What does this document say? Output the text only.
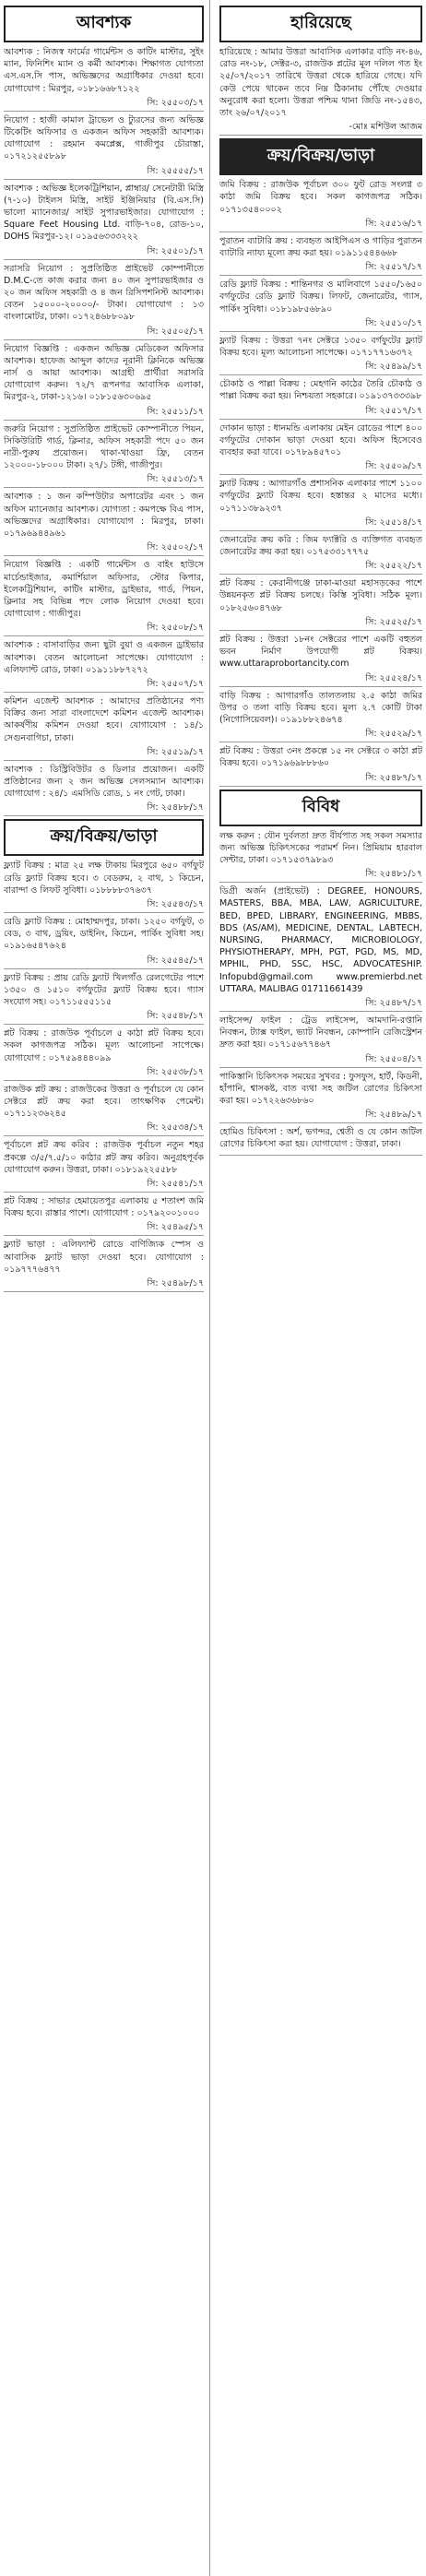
আবশ্যক

আবশ্যক : নিজস্ব ফার্মের গার্মেন্টস ও কাটিং মাস্টার, সুইং ম্যান, ফিনিশিং ম্যান ও কর্মী আবশ্যক। শিক্ষাগত যোগ্যতা এস.এস.সি পাস, অভিজ্ঞদের অগ্রাধিকার দেওয়া হবে। যোগাযোগ : মিরপুর, ০১৮১৬৬৮৭১২২

সি: ২৫৫০৩/১৭

নিয়োগ : হাজী কামাল ট্রাভেল ও ট্যুরসের জন্য অভিজ্ঞ টিকেটিং অফিসার ও একজন অফিস সহকারী আবশ্যক। যোগাযোগ : রহমান কমপ্লেক্স, গাজীপুর চৌরাস্তা, ০১৭২১২৫৫৮৯৮

সি: ২৫৫৫৫/১৭

আবশ্যক : অভিজ্ঞ ইলেকট্রিশিয়ান, প্লাম্বার/ সেনেটারী মিস্ত্রি (৭-১০) টাইলস মিস্ত্রি, সাইট ইঞ্জিনিয়ার (বি.এস.সি) ভালো ম্যানেজার/ সাইট সুপারভাইজার। যোগাযোগ : Square Feet Housing Ltd. বাড়ি-৭০৪, রোড-১০, DOHS মিরপুর-১২। ০১৯৫৬৩৩৩২২২

সি: ২৫৫০১/১৭

সরাসরি নিয়োগ : সুপ্রতিষ্ঠিত প্রাইভেট কোম্পানীতে D.M.C-তে কাজ করার জন্য ৪০ জন সুপারভাইজার ও ২০ জন অফিস সহকারী ও ৪ জন রিসিপশনিস্ট আবশ্যক। বেতন ১৫০০০-২০০০০/- টাকা। যোগাযোগ : ১৩ বাংলামোটর, ঢাকা। ০১৭২৪৬৮৮০৯৮

সি: ২৫৫০৫/১৭

নিয়োগ বিজ্ঞপ্তি : একজন অভিজ্ঞ মেডিকেল অফিসার আবশ্যক। হাফেজ আব্দুল কাদের নূরানী ক্লিনিকে অভিজ্ঞ নার্স ও আয়া আবশ্যক। আগ্রহী প্রার্থীরা সরাসরি যোগাযোগ করুন। ৭২/৭ রূপনগর আবাসিক এলাকা, মিরপুর-২, ঢাকা-১২১৬। ০১৮১৫৬৩০৬৯৫

সি: ২৫৫১১/১৭

জরুরি নিয়োগ : সুপ্রতিষ্ঠিত প্রাইভেট কোম্পানীতে পিয়ন, সিকিউরিটি গার্ড, ক্লিনার, অফিস সহকারী পদে ৫০ জন নারী-পুরুষ প্রয়োজন। থাকা-খাওয়া ফ্রি, বেতন ১২০০০-১৮০০০ টাকা। ২৭/১ টঙ্গী, গাজীপুর।

সি: ২৫৫১৩/১৭

আবশ্যক : ১ জন কম্পিউটার অপারেটর এবং ১ জন অফিস ম্যানেজার আবশ্যক। যোগ্যতা : কমপক্ষে বিএ পাস, অভিজ্ঞদের অগ্রাধিকার। যোগাযোগ : মিরপুর, ঢাকা। ০১৭৯৬৯৪৪৯৬১

সি: ২৫৫০২/১৭

নিয়োগ বিজ্ঞপ্তি : একটি গার্মেন্টস ও বাইং হাউসে মার্চেন্ডাইজার, কমার্শিয়াল অফিসার, স্টোর কিপার, ইলেকট্রিশিয়ান, কাটিং মাস্টার, ড্রাইভার, গার্ড, পিয়ন, ক্লিনার সহ বিভিন্ন পদে লোক নিয়োগ দেওয়া হবে। যোগাযোগ : গাজীপুর।

সি: ২৫৫০৮/১৭

আবশ্যক : বাসাবাড়ির জন্য ছুটা বুয়া ও একজন ড্রাইভার আবশ্যক। বেতন আলোচনা সাপেক্ষে। যোগাযোগ : এলিফ্যান্ট রোড, ঢাকা। ০১৯১১৮৮৭২৭২

সি: ২৫৫০৭/১৭

কমিশন এজেন্ট আবশ্যক : আমাদের প্রতিষ্ঠানের পণ্য বিক্রির জন্য সারা বাংলাদেশে কমিশন এজেন্ট আবশ্যক। আকর্ষণীয় কমিশন দেওয়া হবে। যোগাযোগ : ১৪/১ সেগুনবাগিচা, ঢাকা।

সি: ২৫৫১৯/১৭

আবশ্যক : ডিস্ট্রিবিউটর ও ডিলার প্রয়োজন। একটি প্রতিষ্ঠানের জন্য ২ জন অভিজ্ঞ সেলসম্যান আবশ্যক। যোগাযোগ : ২৪/১ এমসিডি রোড, ১ নং গেট, ঢাকা।

সি: ২৫৪৮৮/১৭
ক্রয়/বিক্রয়/ভাড়া

ফ্ল্যাট বিক্রয় : মাত্র ২৫ লক্ষ টাকায় মিরপুরে ৬৫০ বর্গফুট রেডি ফ্ল্যাট বিক্রয় হবে। ৩ বেডরুম, ২ বাথ, ১ কিচেন, বারান্দা ও লিফট সুবিধা। ০১৮৮৮৮৩৭৬৩৭

সি: ২৫৫৪৩/১৭

রেডি ফ্ল্যাট বিক্রয় : মোহাম্মদপুর, ঢাকা। ১২৫০ বর্গফুট, ৩ বেড, ৩ বাথ, ড্রয়িং, ডাইনিং, কিচেন, পার্কিং সুবিধা সহ। ০১৯১৬৫৪৭৬২৪

সি: ২৫৫৪৫/১৭

ফ্ল্যাট বিক্রয় : প্রায় রেডি ফ্ল্যাট খিলগাঁও রেলগেটের পাশে ১৩৫০ ও ১৫১০ বর্গফুটের ফ্ল্যাট বিক্রয় হবে। গ্যাস সংযোগ সহ। ০১৭১১৫৫৫১১৫

সি: ২৫৫৪৮/১৭

প্লট বিক্রয় : রাজউক পূর্বাচলে ৫ কাঠা প্লট বিক্রয় হবে। সকল কাগজপত্র সঠিক। মূল্য আলোচনা সাপেক্ষে। যোগাযোগ : ০১৭৫৯৪৪৪০৯৯

সি: ২৫৫৩৮/১৭

রাজউক প্লট ক্রয় : রাজউকের উত্তরা ও পূর্বাচলে যে কোন সেক্টরে প্লট ক্রয় করা হবে। তাৎক্ষণিক পেমেন্ট। ০১৭১১২৩৬২৪৫

সি: ২৫৫৩৪/১৭

পূর্বাচলে প্লট ক্রয় করিব : রাজউক পূর্বাচল নতুন শহর প্রকল্পে ৩/৫/৭.৫/১০ কাঠার প্লট ক্রয় করিব। অনুগ্রহপূর্বক যোগাযোগ করুন। উত্তরা, ঢাকা। ০১৮১৯২২৫৫৮৮

সি: ২৫৫৪১/১৭

প্লট বিক্রয় : সাভার হেমায়েতপুর এলাকায় ৫ শতাংশ জমি বিক্রয় হবে। রাস্তার পাশে। যোগাযোগ : ০১৭৯২০০১০০০

সি: ২৫৪৯৫/১৭

ফ্ল্যাট ভাড়া : এলিফ্যান্ট রোডে বাণিজ্যিক স্পেস ও আবাসিক ফ্ল্যাট ভাড়া দেওয়া হবে। যোগাযোগ : ০১৯৭৭৭৬৪৭৭

সি: ২৫৪৯৮/১৭
হারিয়েছে

হারিয়েছে : আমার উত্তরা আবাসিক এলাকার বাড়ি নং-৪৬, রোড নং-১৮, সেক্টর-৩, রাজউক প্লটের মূল দলিল গত ইং ২৫/০৭/২০১৭ তারিখে উত্তরা থেকে হারিয়ে গেছে। যদি কেউ পেয়ে থাকেন তবে নিম্ন ঠিকানায় পৌঁছে দেওয়ার অনুরোধ করা হলো। উত্তরা পশ্চিম থানা জিডি নং-১৫৪৩, তাং ২৬/০৭/২০১৭

-মোঃ মশিউল আজম
ক্রয়/বিক্রয়/ভাড়া

জমি বিক্রয় : রাজউক পূর্বাচল ৩০০ ফুট রোড সংলগ্ন ৩ কাঠা জমি বিক্রয় হবে। সকল কাগজপত্র সঠিক। ০১৭১৩৫৪০০০২

সি: ২৫৫১৬/১৭

পুরাতন ব্যাটারি ক্রয় : ব্যবহৃত আইপিএস ও গাড়ির পুরাতন ব্যাটারি ন্যায্য মূল্যে ক্রয় করা হয়। ০১৯১১৫৪৪৬৬৮

সি: ২৫৫১৭/১৭

রেডি ফ্ল্যাট বিক্রয় : শান্তিনগর ও মালিবাগে ১৫৫০/১৬৫০ বর্গফুটের রেডি ফ্ল্যাট বিক্রয়। লিফট, জেনারেটর, গ্যাস, পার্কিং সুবিধা। ০১৮১৯৮৫৬৮৯০

সি: ২৫৫১০/১৭

ফ্ল্যাট বিক্রয় : উত্তরা ৭নং সেক্টরে ১৩৫০ বর্গফুটের ফ্ল্যাট বিক্রয় হবে। মূল্য আলোচনা সাপেক্ষে। ০১৭১৭৭১৬৩৭২

সি: ২৫৪৯৯/১৭

চৌকাঠ ও পাল্লা বিক্রয় : মেহগনি কাঠের তৈরি চৌকাঠ ও পাল্লা বিক্রয় করা হয়। নিশ্চয়তা সহকারে। ০১৯১৩৭৩৩৩৯৮

সি: ২৫৫১৭/১৭

দোকান ভাড়া : ধানমন্ডি এলাকায় মেইন রোডের পাশে ৪০০ বর্গফুটের দোকান ভাড়া দেওয়া হবে। অফিস হিসেবেও ব্যবহার করা যাবে। ০১৭৮৯৪৫৭০১

সি: ২৫৫০৯/১৭

ফ্ল্যাট বিক্রয় : আগারগাঁও প্রশাসনিক এলাকার পাশে ১১০০ বর্গফুটের ফ্ল্যাট বিক্রয় হবে। হস্তান্তর ২ মাসের মধ্যে। ০১৭১১৩৮৯২৩৭

সি: ২৫৫১৪/১৭

জেনারেটর ক্রয় করি : জিম ফ্যাক্টরি ও ব্যক্তিগত ব্যবহৃত জেনারেটর ক্রয় করা হয়। ০১৭৫৩৩১৭৭৭৫

সি: ২৫৫২২/১৭

প্লট বিক্রয় : কেরানীগঞ্জে ঢাকা-মাওয়া মহাসড়কের পাশে উন্নয়নকৃত প্লট বিক্রয় চলছে। কিস্তি সুবিধা। সঠিক মূল্য। ০১৮২৫৬০৪৭৬৮

সি: ২৫৫২৫/১৭

প্লট বিক্রয় : উত্তরা ১৮নং সেক্টরের পাশে একটি বহুতল ভবন নির্মাণ উপযোগী প্লট বিক্রয়। www.uttaraprobortancity.com

সি: ২৫৫২৪/১৭

বাড়ি বিক্রয় : আগারগাঁও তালতলায় ২.৫ কাঠা জমির উপর ৩ তলা বাড়ি বিক্রয় হবে। মূল্য ২.৭ কোটি টাকা (নিগোসিয়েবল)। ০১৯১৮৮২৪৬৭৪

সি: ২৫৫২৯/১৭

প্লট বিক্রয় : উত্তরা ৩নং প্রকল্পে ১৫ নং সেক্টরে ৩ কাঠা প্লট বিক্রয় হবে। ০১৭১৯৬৯৮৮৮৬০

সি: ২৫৪৮৭/১৭
বিবিধ

লক্ষ করুন : যৌন দুর্বলতা দ্রুত বীর্যপাত সহ সকল সমস্যার জন্য অভিজ্ঞ চিকিৎসকের পরামর্শ নিন। প্রিমিয়াম হারবাল সেন্টার, ঢাকা। ০১৭১৫৩৭৯৮৯৩

সি: ২৫৪৮১/১৭

ডিগ্রী অর্জন (প্রাইভেট) : DEGREE, HONOURS, MASTERS, BBA, MBA, LAW, AGRICULTURE, BED, BPED, LIBRARY, ENGINEERING, MBBS, BDS (AS/AM), MEDICINE, DENTAL, LABTECH, NURSING, PHARMACY, MICROBIOLOGY, PHYSIOTHERAPY, MPH, PGT, PGD, MS, MD, MPHIL, PHD, SSC, HSC, ADVOCATESHIP. Infopubd@gmail.com www.premierbd.net UTTARA, MALIBAG 01711661439

সি: ২৫৪৮৭/১৭

লাইসেন্স/ ফাইল : ট্রেড লাইসেন্স, আমদানি-রপ্তানি নিবন্ধন, ট্যাক্স ফাইল, ভ্যাট নিবন্ধন, কোম্পানি রেজিস্ট্রেশন দ্রুত করা হয়। ০১৭১৫৬৭৭৪৬৭

সি: ২৫৫০৪/১৭

পাকিস্তানি চিকিৎসক সময়ের সুখবর : ফুসফুস, হার্ট, কিডনী, হাঁপানি, শ্বাসকষ্ট, বাত ব্যথা সহ জটিল রোগের চিকিৎসা করা হয়। ০১৭২২৬৩৬৮৬০

সি: ২৫৪৮৯/১৭

হোমিও চিকিৎসা : অর্শ, ভগন্দর, শ্বেতী ও যে কোন জটিল রোগের চিকিৎসা করা হয়। যোগাযোগ : উত্তরা, ঢাকা।
